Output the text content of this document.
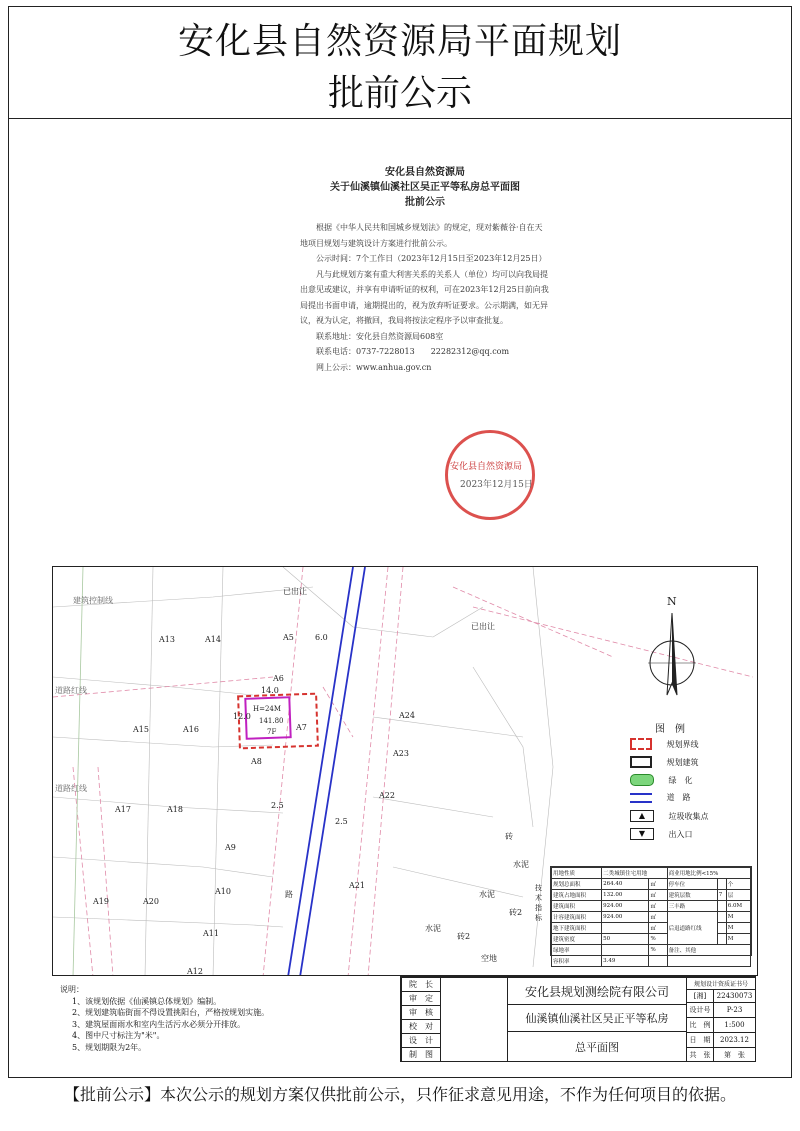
安化县自然资源局平面规划
批前公示
安化县自然资源局
关于仙溪镇仙溪社区吴正平等私房总平面图
批前公示

根据《中华人民共和国城乡规划法》的规定，现对紫薇谷·自在天地项目规划与建筑设计方案进行批前公示。

公示时间：7个工作日（2023年12月15日至2023年12月25日）

凡与此规划方案有重大利害关系的关系人（单位）均可以向我局提出意见或建议，并享有申请听证的权利，可在2023年12月25日前向我局提出书面申请，逾期提出的，视为放弃听证要求。公示期满，如无异议，视为认定，将撤回，我局将按法定程序予以审查批复。

联系地址：安化县自然资源局608室

联系电话：0737-7228013　　2228231​2@qq.com

网上公示：www.anhua.gov.cn

安化县自然资源局
2023年12月15日
A13	A14	A5
A6
A15	A16	A7
A8
A17	A18
A9
A10
A11
A12
A19	A20
A21
A22
A23
A24
已出让
已出让
H=24M
141.80
7F
14.0
12.0
6.0
2.5
2.5
路
建筑控制线
道路红线
道路红线
水泥
水泥
水泥
砖
砖2
砖2
空地
N
图　例
规划界线
规划建筑
绿　化
道　路
▲	垃圾收集点
▼	出入口
技术指标
用地性质	二类城镇住宅用地		商业用地比例<15%		
规划总面积	264.40	㎡	停车位		个
建筑占地面积	132.00	㎡	建筑层数	7	层
建筑面积	924.00	㎡	三丰路		6.0M
计容建筑面积	924.00	㎡	后退道路红线		M
地下建筑面积		㎡			M
建筑密度	50	%			M
绿地率		%	备注、其他		
容积率	3.49				
说明：
1、该规划依据《仙溪镇总体规划》编制。
2、规划建筑临街面不得设置挑阳台，严格按规划实施。
3、建筑屋面雨水和室内生活污水必须分开排放。
4、图中尺寸标注为"米"。
5、规划期限为2年。
院　长
审　定
审　核
校　对
设　计
制　图
安化县规划测绘院有限公司
仙溪镇仙溪社区吴正平等私房
总平面图
规划设计资质证书号
[湘]	22430073
设计号	P-23
比　例	1:500
日　期	2023.12
共　张	第　张
【批前公示】本次公示的规划方案仅供批前公示，只作征求意见用途，不作为任何项目的依据。
